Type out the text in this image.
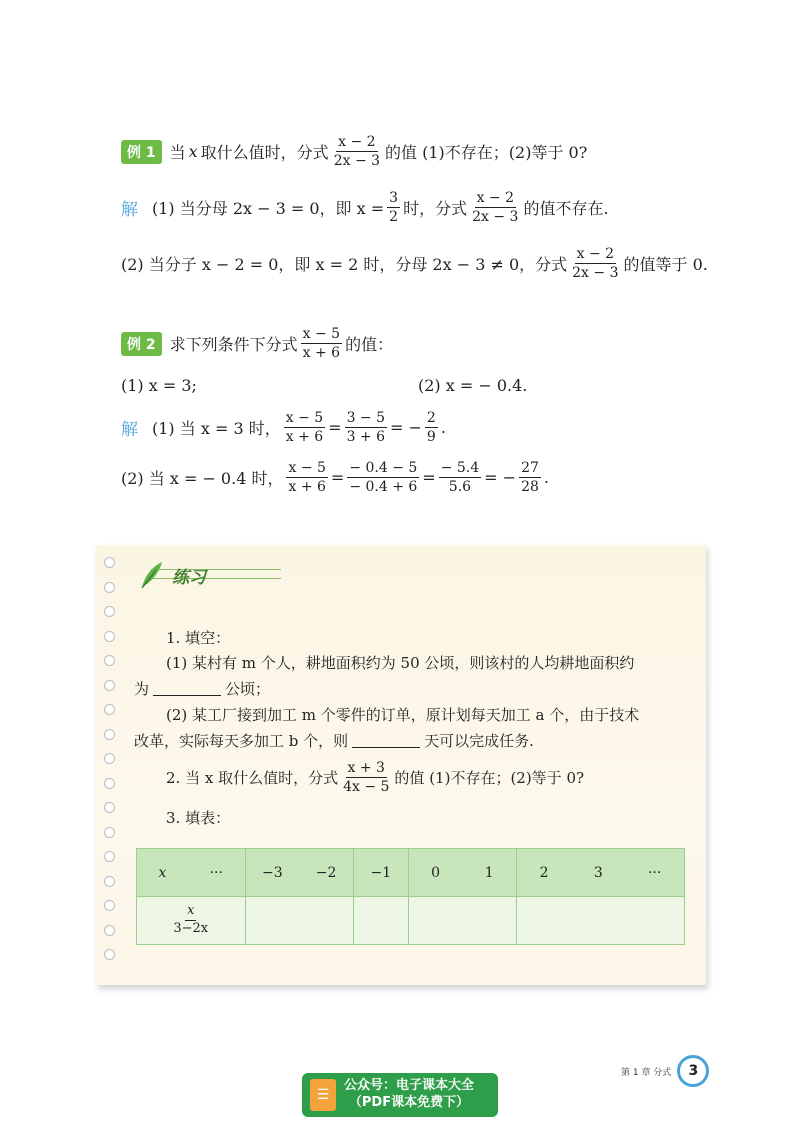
例 1 当 x 取什么值时，分式 $\frac{x - 2}{2x - 3}$ 的值 (1)不存在；(2)等于 0?
解 (1) 当分母 2x − 3 = 0，即 $x = \frac{3}{2}$ 时，分式 $\frac{x - 2}{2x - 3}$ 的值不存在.
(2) 当分子 x − 2 = 0，即 x = 2 时，分母 2x − 3 ≠ 0，分式 $\frac{x - 2}{2x - 3}$ 的值等于 0.
例 2 求下列条件下分式 $\frac{x - 5}{x + 6}$ 的值：
(1) x = 3;	(2) x = − 0.4.
解 (1) 当 x = 3 时， $\frac{x - 5}{x + 6} = \frac{3 - 5}{3 + 6}$ = − $\frac{2}{9}$ .
(2) 当 x = − 0.4 时， $\frac{x - 5}{x + 6} = \frac{- 0.4 - 5}{- 0.4 + 6} = \frac{- 5.4}{5.6}$ = − $\frac{27}{28}$ .
练习
1. 填空：
(1) 某村有 m 个人，耕地面积约为 50 公顷，则该村的人均耕地面积约
为	公顷；
(2) 某工厂接到加工 m 个零件的订单，原计划每天加工 a 个，由于技术
改革，实际每天多加工 b 个，则	天可以完成任务.
2. 当 x 取什么值时，分式 $\frac{x + 3}{4x - 5}$ 的值 (1)不存在；(2)等于 0?
3. 填表：
x ···	−3 −2	−1	0 1	2 3 ···

$\frac{x}{3-2x}$

第 1 章 分式	3
☰
公众号：电子课本大全
（PDF课本免费下）
